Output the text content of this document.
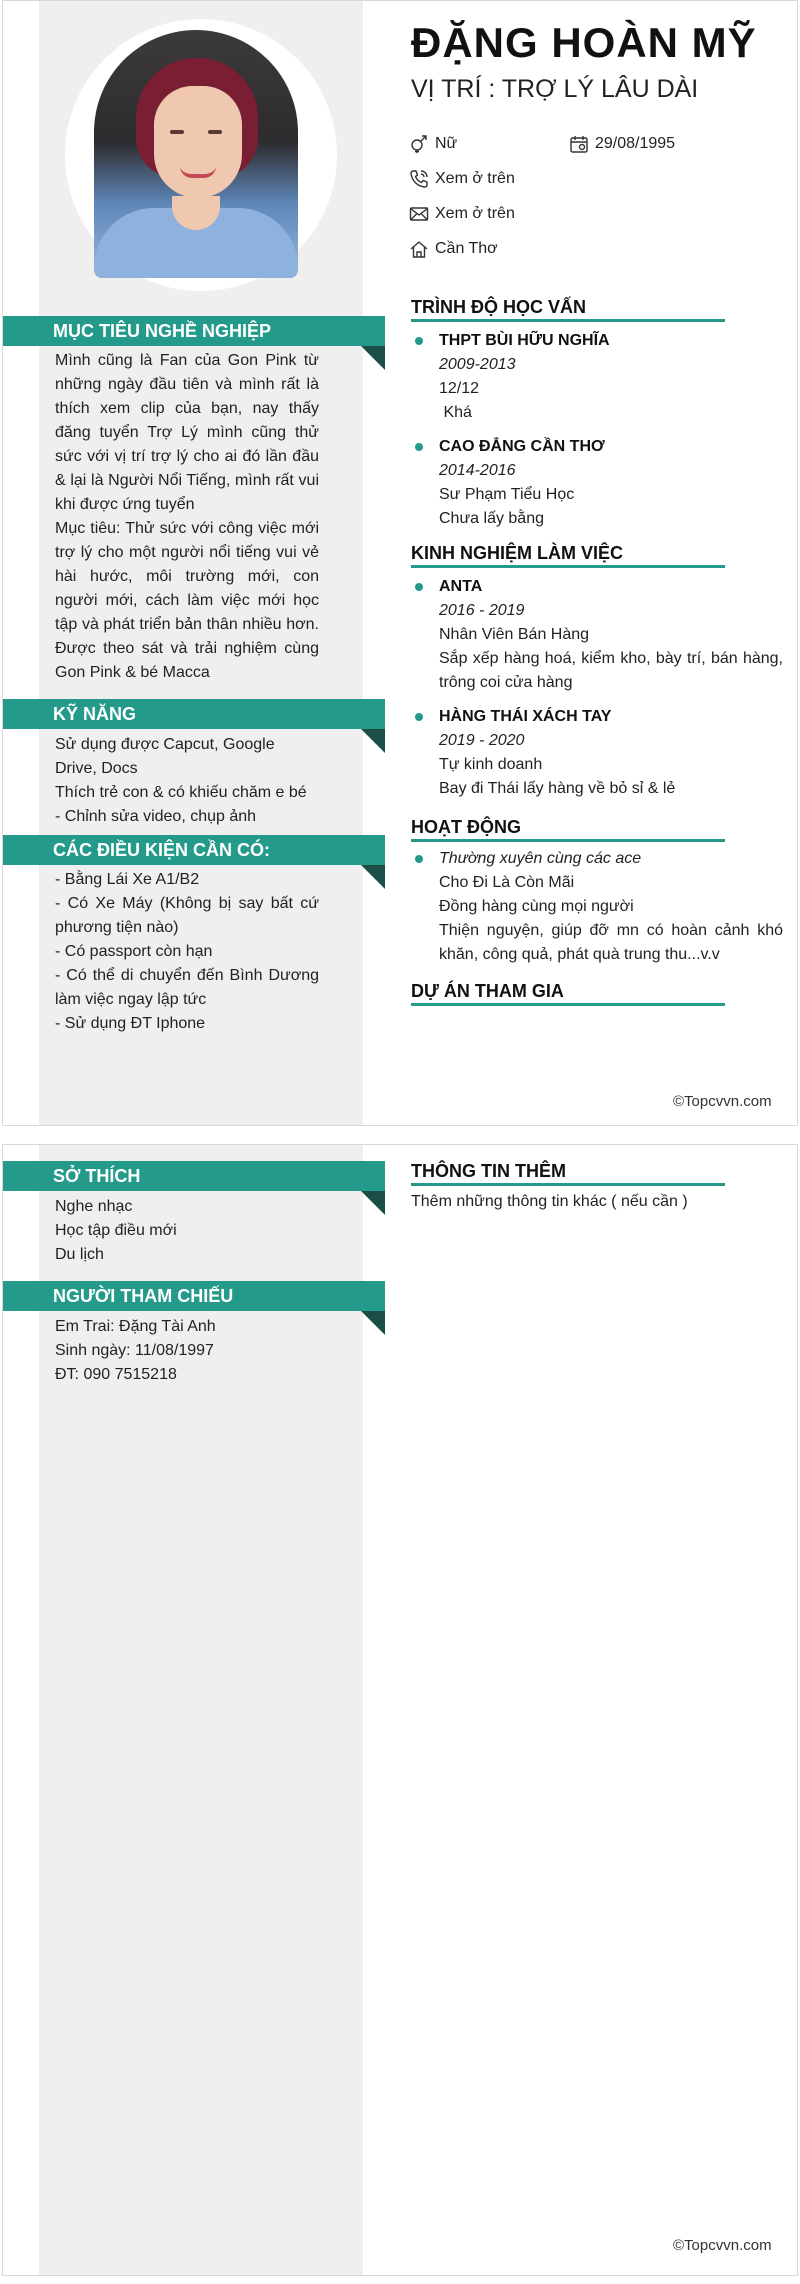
ĐẶNG HOÀN MỸ
VỊ TRÍ : TRỢ LÝ LÂU DÀI
Nữ	29/08/1995
Xem ở trên
Xem ở trên
Cần Thơ
MỤC TIÊU NGHỀ NGHIỆP

Mình cũng là Fan của Gon Pink từ những ngày đầu tiên và mình rất là thích xem clip của bạn, nay thấy đăng tuyển Trợ Lý mình cũng thử sức với vị trí trợ lý cho ai đó lần đầu & lại là Người Nổi Tiếng, mình rất vui khi được ứng tuyển

Mục tiêu: Thử sức với công việc mới trợ lý cho một người nổi tiếng vui vẻ hài hước, môi trường mới, con người mới, cách làm việc mới học tập và phát triển bản thân nhiều hơn. Được theo sát và trải nghiệm cùng Gon Pink & bé Macca

KỸ NĂNG

Sử dụng được Capcut, Google Drive, Docs

Thích trẻ con & có khiếu chăm e bé

- Chỉnh sửa video, chụp ảnh

CÁC ĐIỀU KIỆN CẦN CÓ:

- Bằng Lái Xe A1/B2

- Có Xe Máy (Không bị say bất cứ phương tiện nào)

- Có passport còn hạn

- Có thể di chuyển đến Bình Dương làm việc ngay lập tức

- Sử dụng ĐT Iphone

TRÌNH ĐỘ HỌC VẤN
THPT BÙI HỮU NGHĨA
2009-2013
12/12
Khá
CAO ĐẲNG CẦN THƠ
2014-2016
Sư Phạm Tiểu Học
Chưa lấy bằng
KINH NGHIỆM LÀM VIỆC
ANTA
2016 - 2019
Nhân Viên Bán Hàng
Sắp xếp hàng hoá, kiểm kho, bày trí, bán hàng, trông coi cửa hàng
HÀNG THÁI XÁCH TAY
2019 - 2020
Tự kinh doanh
Bay đi Thái lấy hàng về bỏ sỉ & lẻ
HOẠT ĐỘNG
Thường xuyên cùng các ace
Cho Đi Là Còn Mãi
Đồng hàng cùng mọi người
Thiện nguyện, giúp đỡ mn có hoàn cảnh khó khăn, công quả, phát quà trung thu...v.v
DỰ ÁN THAM GIA
©Topcvvn.com
SỞ THÍCH

Nghe nhạc

Học tập điều mới

Du lịch

NGƯỜI THAM CHIẾU

Em Trai: Đặng Tài Anh

Sinh ngày: 11/08/1997

ĐT: 090 7515218

THÔNG TIN THÊM
Thêm những thông tin khác ( nếu cần )
©Topcvvn.com
